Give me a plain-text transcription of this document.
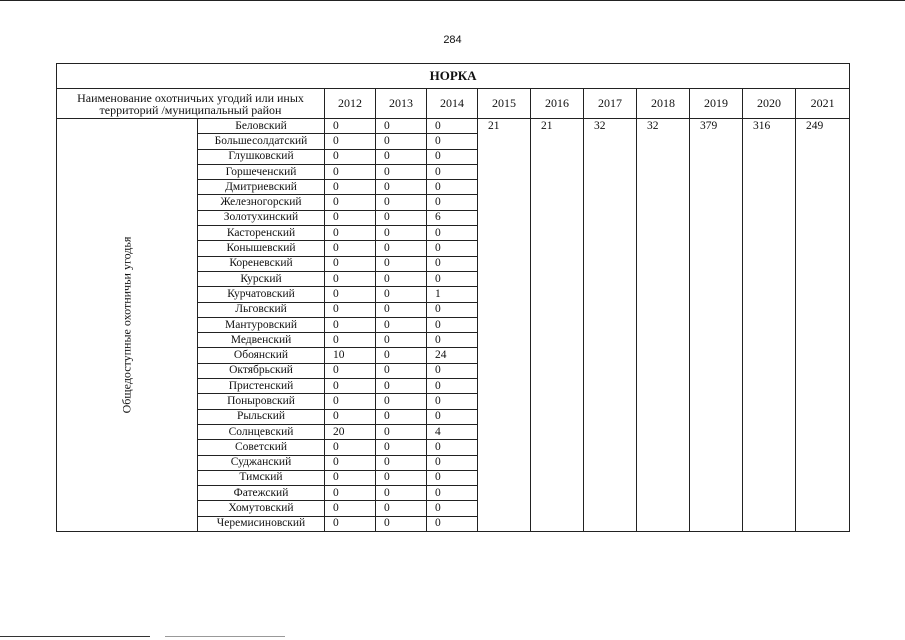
284
НОРКА											
Наименование охотничьих угодий или иных
территорий /муниципальный район		2012	2013	2014	2015	2016	2017	2018	2019	2020	2021

Общедоступные охотничьи угодья	Беловский	0	0	0	21	21	32	32	379	316	249
	Большесолдатский	0	0	0							
	Глушковский	0	0	0							
	Горшеченский	0	0	0							
	Дмитриевский	0	0	0							
	Железногорский	0	0	0							
	Золотухинский	0	0	6							
	Касторенский	0	0	0							
	Конышевский	0	0	0							
	Кореневский	0	0	0							
	Курский	0	0	0							
	Курчатовский	0	0	1							
	Льговский	0	0	0							
	Мантуровский	0	0	0							
	Медвенский	0	0	0							
	Обоянский	10	0	24							
	Октябрьский	0	0	0							
	Пристенский	0	0	0							
	Поныровский	0	0	0							
	Рыльский	0	0	0							
	Солнцевский	20	0	4							
	Советский	0	0	0							
	Суджанский	0	0	0							
	Тимский	0	0	0							
	Фатежский	0	0	0							
	Хомутовский	0	0	0							
	Черемисиновский	0	0	0							
